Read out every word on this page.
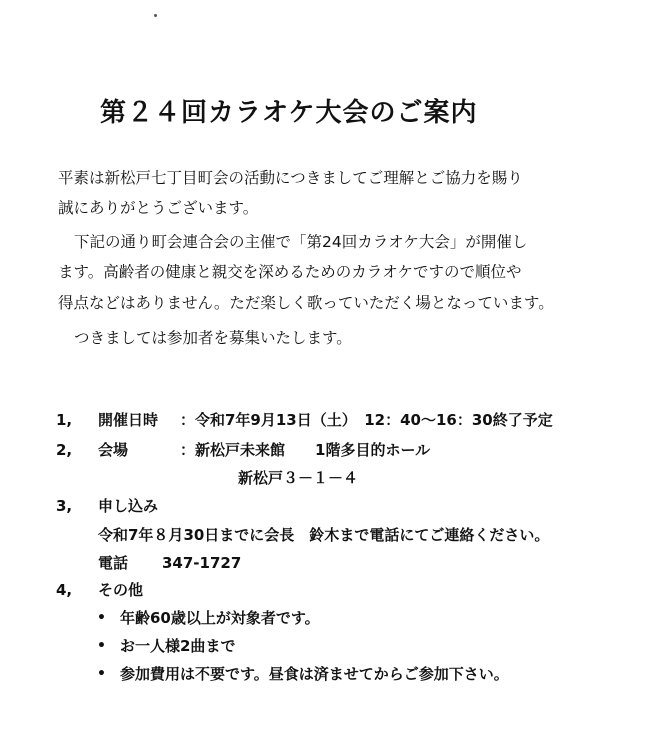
第２４回カラオケ大会のご案内
平素は新松戸七丁目町会の活動につきましてご理解とご協力を賜り
誠にありがとうございます。
下記の通り町会連合会の主催で「第24回カラオケ大会」が開催し
ます。高齢者の健康と親交を深めるためのカラオケですので順位や
得点などはありません。ただ楽しく歌っていただく場となっています。
つきましては参加者を募集いたします。
1, 開催日時 ：令和7年9月13日（土）　12：40～16：30終了予定
2, 会場	：新松戸未来館　　1階多目的ホール
新松戸３－１－４
3, 申し込み
令和7年８月30日までに会長　鈴木まで電話にてご連絡ください。
電話 347-1727
4, その他
• 年齢60歳以上が対象者です。
• お一人様2曲まで
• 参加費用は不要です。昼食は済ませてからご参加下さい。
